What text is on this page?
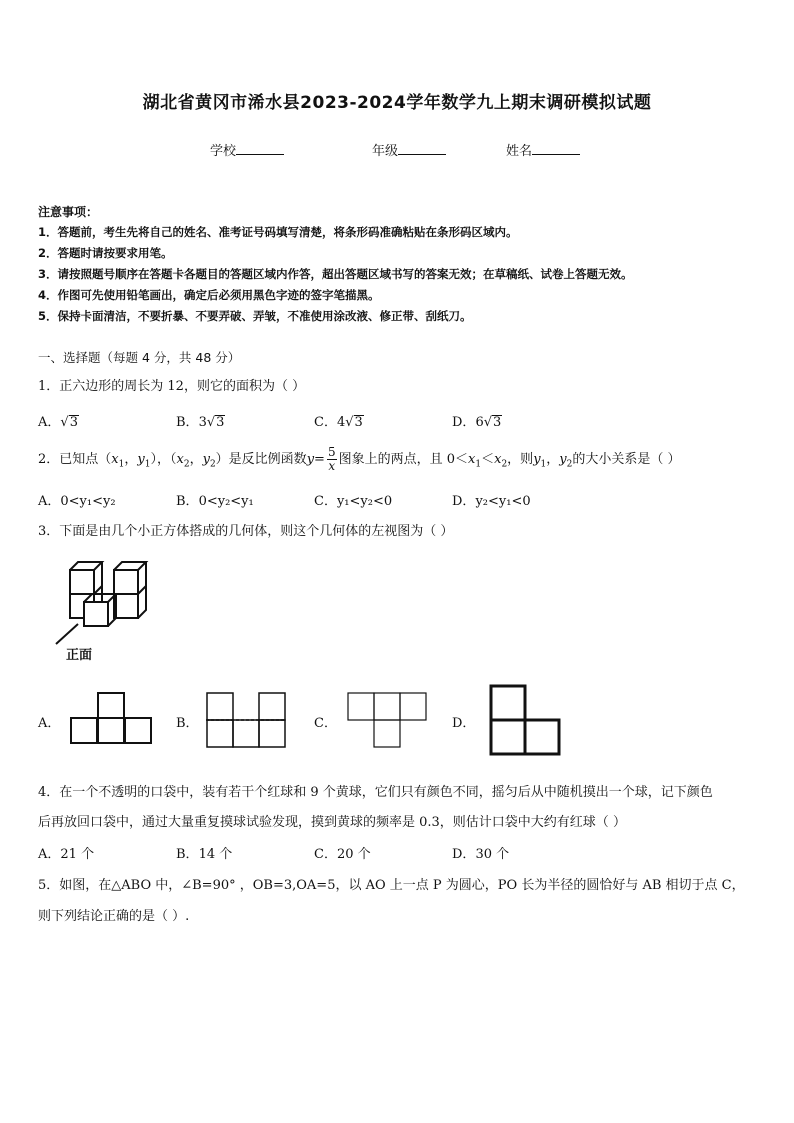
湖北省黄冈市浠水县2023-2024学年数学九上期末调研模拟试题
学校	年级	姓名
注意事项：
1．答题前，考生先将自己的姓名、准考证号码填写清楚，将条形码准确粘贴在条形码区域内。
2．答题时请按要求用笔。
3．请按照题号顺序在答题卡各题目的答题区域内作答，超出答题区域书写的答案无效；在草稿纸、试卷上答题无效。
4．作图可先使用铅笔画出，确定后必须用黑色字迹的签字笔描黑。
5．保持卡面清洁，不要折暴、不要弄破、弄皱，不准使用涂改液、修正带、刮纸刀。
一、选择题（每题 4 分，共 48 分）
1．正六边形的周长为 12，则它的面积为（ ）
A．√3	B．3√3	C．4√3	D．6√3
2．已知点（$x_1$，$y_1$），（$x_2$，$y_2$）是反比例函数$y= \frac{5}{x}$ 图象上的两点，且 $0<x_1<x_2$，则$y_1$，$y_2$的大小关系是（ ）
A．0<y₁<y₂	B．0<y₂<y₁	C．y₁<y₂<0	D．y₂<y₁<0
3．下面是由几个小正方体搭成的几何体，则这个几何体的左视图为（ ）
正面
A．	B．	C．	D．
4．在一个不透明的口袋中，装有若干个红球和 9 个黄球，它们只有颜色不同，摇匀后从中随机摸出一个球，记下颜色
后再放回口袋中，通过大量重复摸球试验发现，摸到黄球的频率是 0.3，则估计口袋中大约有红球（ ）
A．21 个	B．14 个	C．20 个	D．30 个
5．如图，在△ABO 中，∠B=90° ，OB=3,OA=5，以 AO 上一点 P 为圆心，PO 长为半径的圆恰好与 AB 相切于点 C，
则下列结论正确的是（ ）.
